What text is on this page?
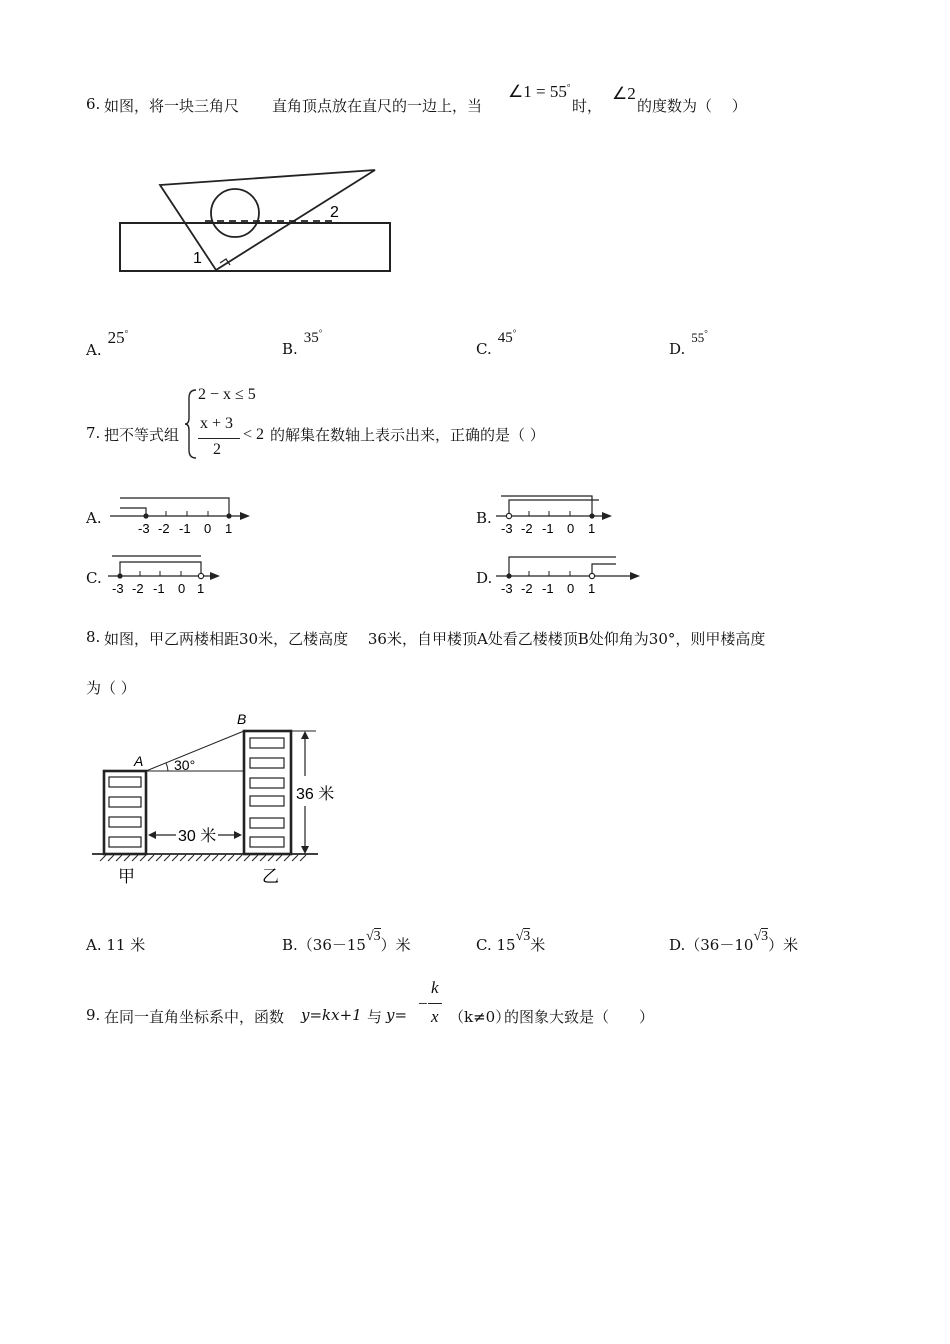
6. 如图，将一块三角尺 直角顶点放在直尺的一边上，当
∠1 = 55°
时，
∠2
的度数为（　 ）
1
2
A.25°
B.35°
C.45°
D.55°
7. 把不等式组
2 − x ≤ 5
x + 3
2
< 2 的解集在数轴上表示出来，正确的是（ ）
A.	B.
C.	D.
-3 -2 -1 0 1	-3 -2 -1 0 1
-3 -2 -1 0 1	-3 -2 -1 0 1
8. 如图，甲乙两楼相距30米，乙楼高度　 36米，自甲楼顶A处看乙楼楼顶B处仰角为30°，则甲楼高度
为（ ）
A
B
30°
30 米
36 米
甲	乙
A. 11 米	B.（36－15√3）米	C. 15√3米	D.（36－10√3）米
9. 在同一直角坐标系中，函数 y=kx+1 与 y=
−
k
x （k≠0）
的图象大致是（　　）
